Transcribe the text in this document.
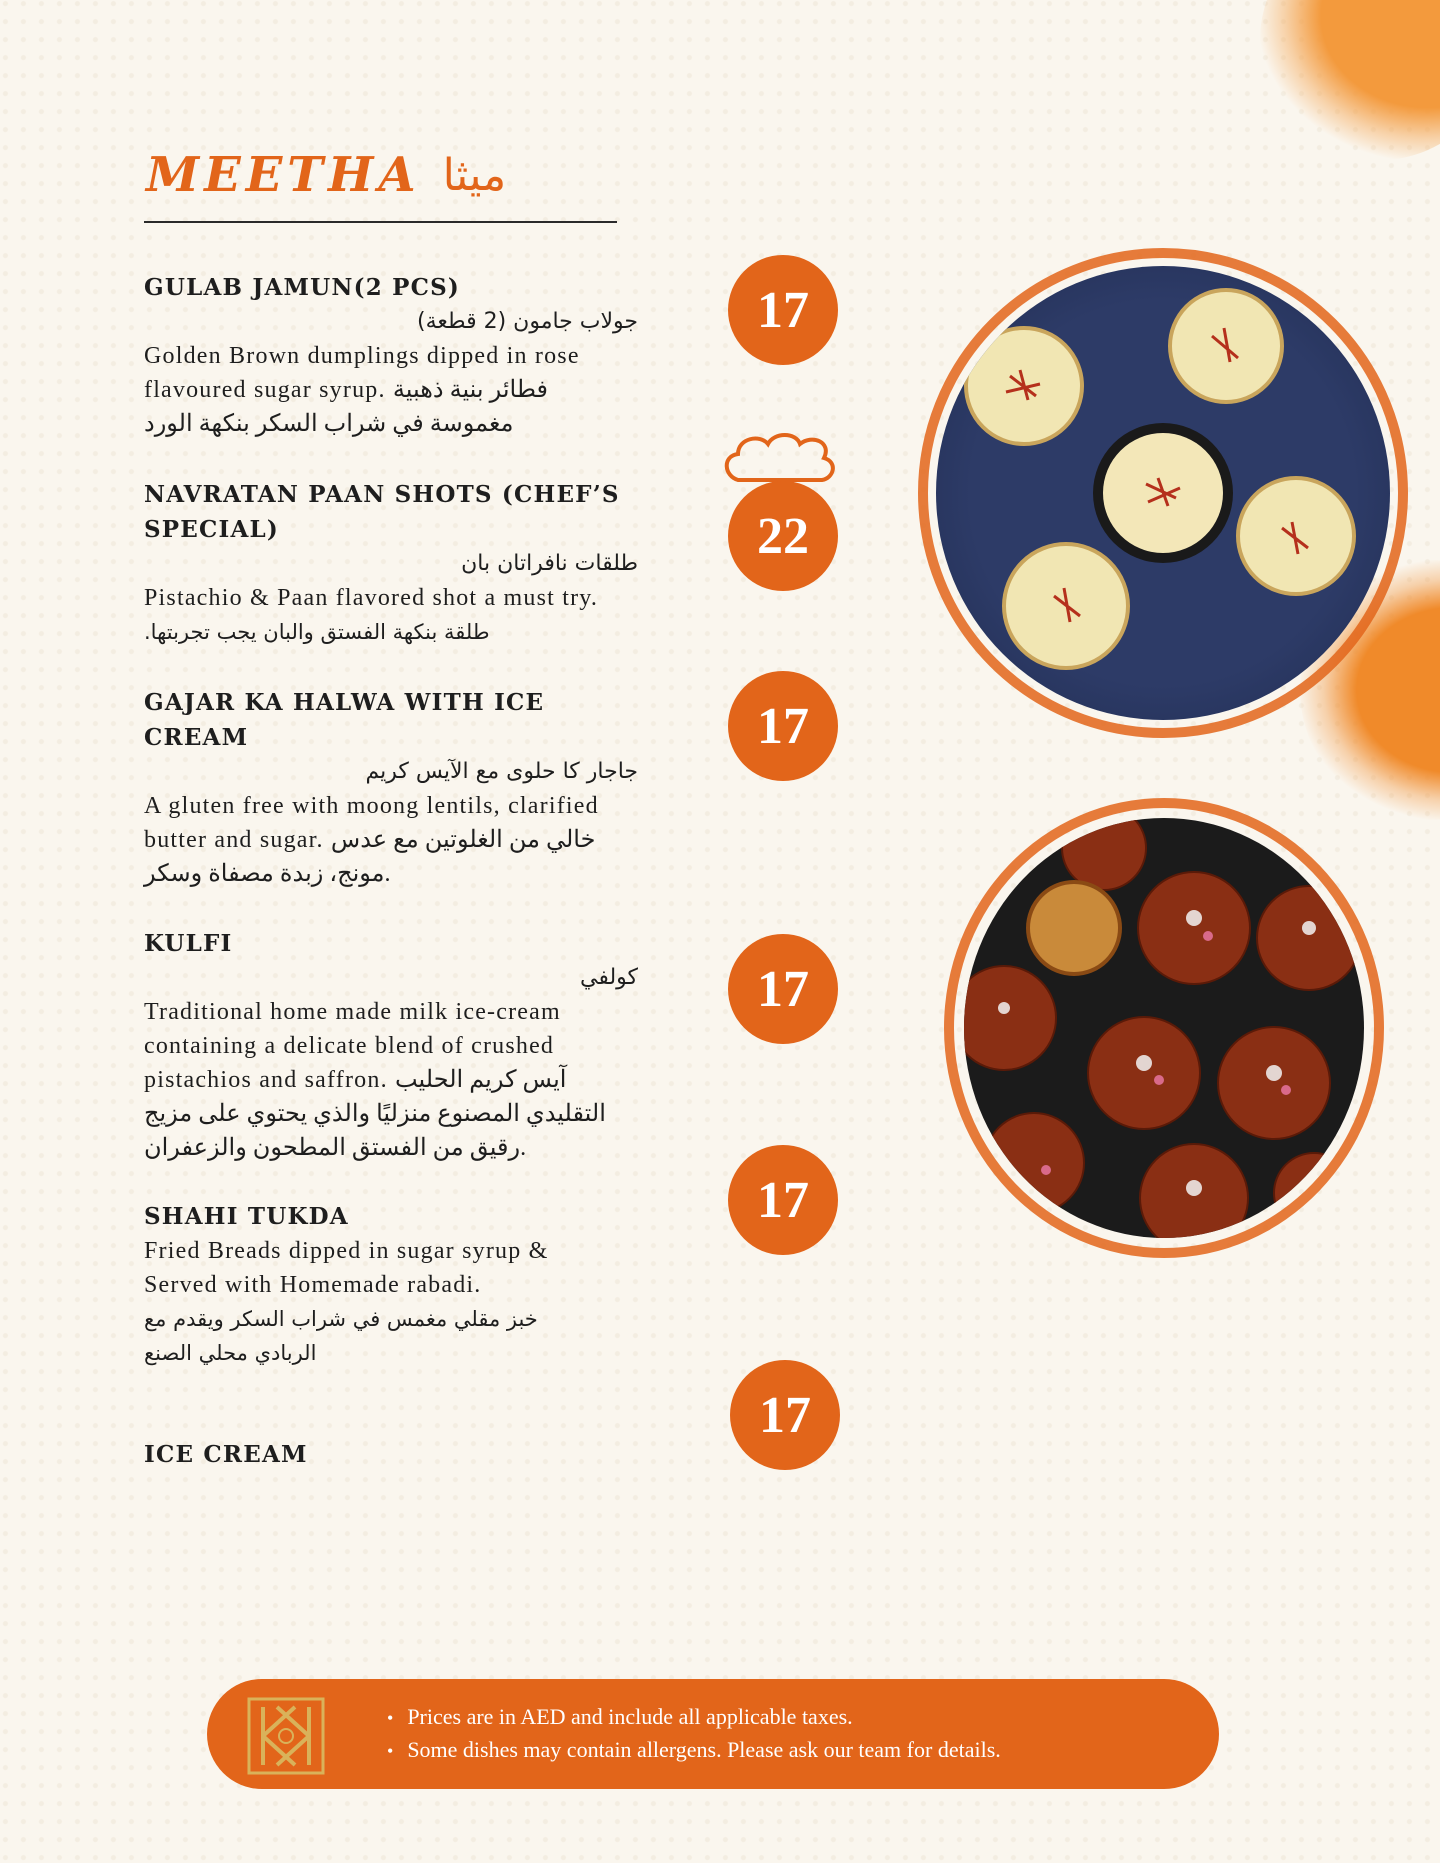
MEETHA ميثا
GULAB JAMUN(2 PCS)
جولاب جامون (2 قطعة)
Golden Brown dumplings dipped in rose flavoured sugar syrup. فطائر بنية ذهبية مغموسة في شراب السكر بنكهة الورد
NAVRATAN PAAN SHOTS (CHEF’S SPECIAL)
طلقات نافراتان بان
Pistachio & Paan flavored shot a must try.
طلقة بنكهة الفستق والبان يجب تجربتها.
GAJAR KA HALWA WITH ICE CREAM
جاجار كا حلوى مع الآيس كريم
A gluten free with moong lentils, clarified butter and sugar. خالي من الغلوتين مع عدس مونج، زبدة مصفاة وسكر.
KULFI
كولفي
Traditional home made milk ice-cream containing a delicate blend of crushed pistachios and saffron. آيس كريم الحليب التقليدي المصنوع منزليًا والذي يحتوي على مزيج رقيق من الفستق المطحون والزعفران.
SHAHI TUKDA
Fried Breads dipped in sugar syrup & Served with Homemade rabadi.
خبز مقلي مغمس في شراب السكر ويقدم مع الربادي محلي الصنع
ICE CREAM
17
22
17
17
17
17
• Prices are in AED and include all applicable taxes.
• Some dishes may contain allergens. Please ask our team for details.
